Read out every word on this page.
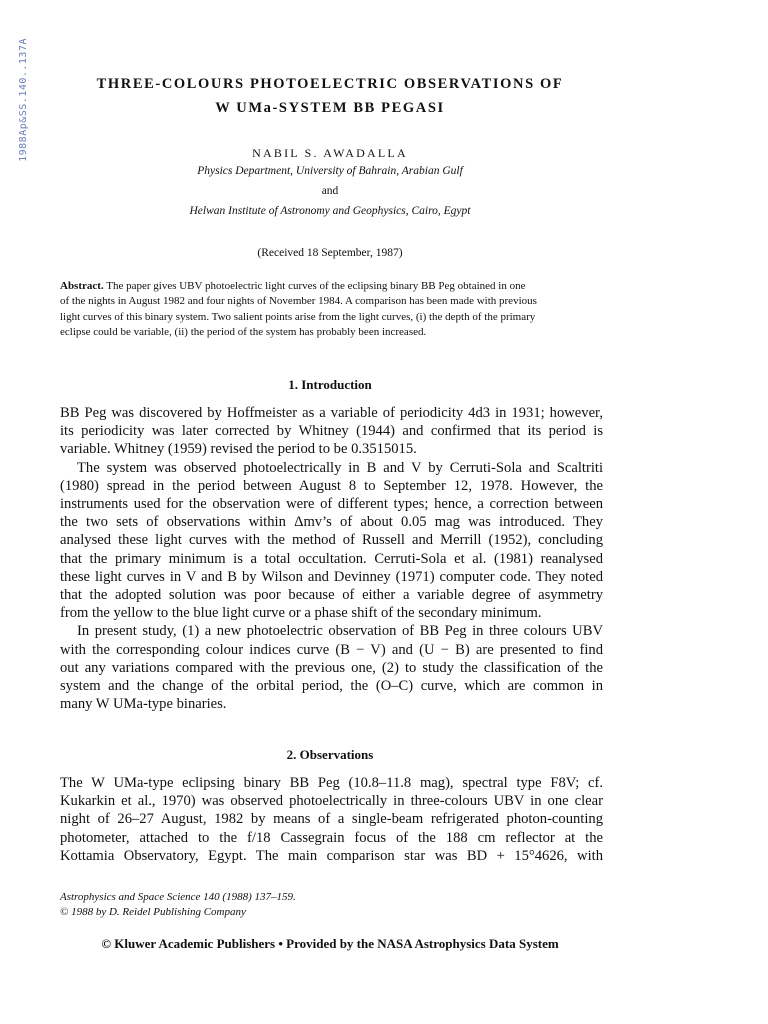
1988Ap&SS.140..137A	THREE-COLOURS PHOTOELECTRIC OBSERVATIONS OF
W UMa-SYSTEM BB PEGASI
NABIL S. AWADALLA
Physics Department, University of Bahrain, Arabian Gulf
and
Helwan Institute of Astronomy and Geophysics, Cairo, Egypt
(Received 18 September, 1987)
Abstract. The paper gives UBV photoelectric light curves of the eclipsing binary BB Peg obtained in one
of the nights in August 1982 and four nights of November 1984. A comparison has been made with previous
light curves of this binary system. Two salient points arise from the light curves, (i) the depth of the primary
eclipse could be variable, (ii) the period of the system has probably been increased.
1. Introduction
BB Peg was discovered by Hoffmeister as a variable of periodicity 4d3 in 1931; however,
its periodicity was later corrected by Whitney (1944) and confirmed that its period is
variable. Whitney (1959) revised the period to be 0.3515015.
The system was observed photoelectrically in B and V by Cerruti-Sola and Scaltriti
(1980) spread in the period between August 8 to September 12, 1978. However, the
instruments used for the observation were of different types; hence, a correction between
the two sets of observations within Δmv’s of about 0.05 mag was introduced. They
analysed these light curves with the method of Russell and Merrill (1952), concluding
that the primary minimum is a total occultation. Cerruti-Sola et al. (1981) reanalysed
these light curves in V and B by Wilson and Devinney (1971) computer code. They noted
that the adopted solution was poor because of either a variable degree of asymmetry
from the yellow to the blue light curve or a phase shift of the secondary minimum.
In present study, (1) a new photoelectric observation of BB Peg in three colours UBV
with the corresponding colour indices curve (B − V) and (U − B) are presented to find
out any variations compared with the previous one, (2) to study the classification of the
system and the change of the orbital period, the (O–C) curve, which are common in
many W UMa-type binaries.
2. Observations
The W UMa-type eclipsing binary BB Peg (10.8–11.8 mag), spectral type F8V; cf.
Kukarkin et al., 1970) was observed photoelectrically in three-colours UBV in one clear
night of 26–27 August, 1982 by means of a single-beam refrigerated photon-counting
photometer, attached to the f/18 Cassegrain focus of the 188 cm reflector at the
Kottamia Observatory, Egypt. The main comparison star was BD + 15°4626, with
Astrophysics and Space Science 140 (1988) 137–159.
© 1988 by D. Reidel Publishing Company
© Kluwer Academic Publishers • Provided by the NASA Astrophysics Data System
